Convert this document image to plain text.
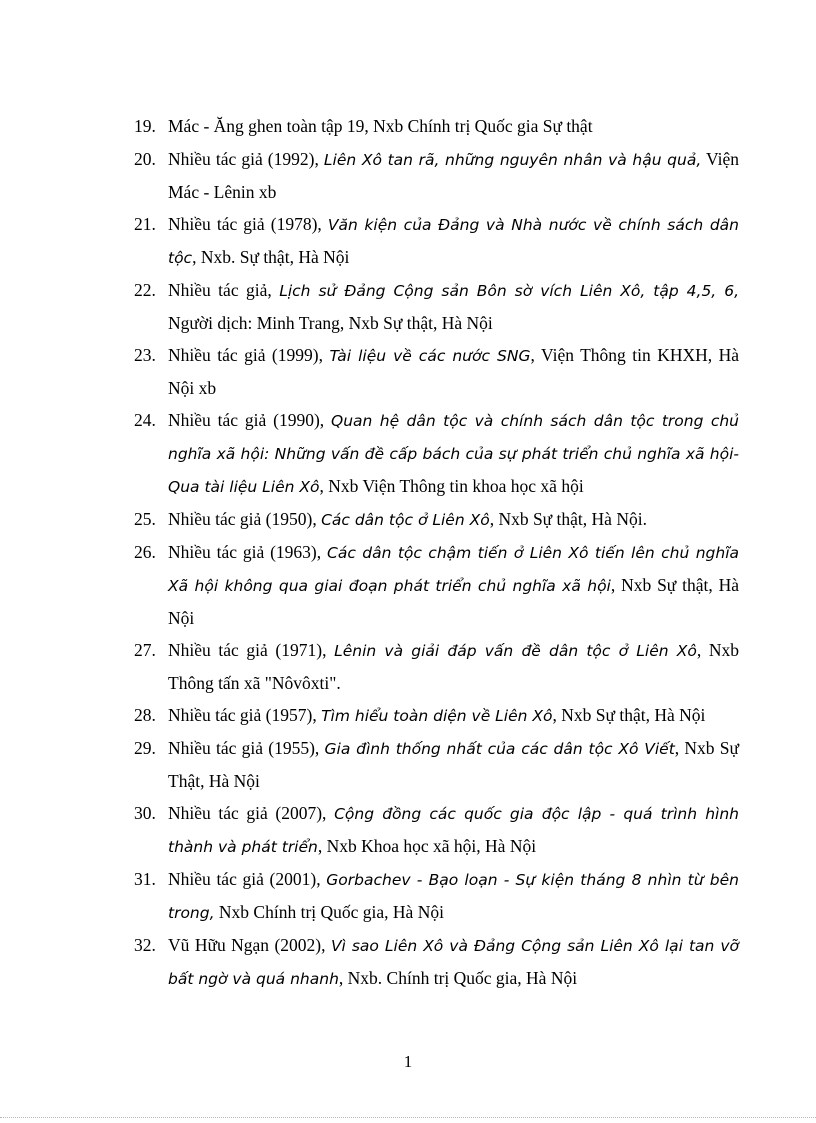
19. Mác - Ăng ghen toàn tập 19, Nxb Chính trị Quốc gia Sự thật
20. Nhiều tác giả (1992), Liên Xô tan rã, những nguyên nhân và hậu quả, Viện Mác - Lênin xb
21. Nhiều tác giả (1978), Văn kiện của Đảng và Nhà nước về chính sách dân tộc, Nxb. Sự thật, Hà Nội
22. Nhiều tác giả, Lịch sử Đảng Cộng sản Bôn sờ vích Liên Xô, tập 4,5, 6, Người dịch: Minh Trang, Nxb Sự thật, Hà Nội
23. Nhiều tác giả (1999), Tài liệu về các nước SNG, Viện Thông tin KHXH, Hà Nội xb
24. Nhiều tác giả (1990), Quan hệ dân tộc và chính sách dân tộc trong chủ nghĩa xã hội: Những vấn đề cấp bách của sự phát triển chủ nghĩa xã hội- Qua tài liệu Liên Xô, Nxb Viện Thông tin khoa học xã hội
25. Nhiều tác giả (1950), Các dân tộc ở Liên Xô, Nxb Sự thật, Hà Nội.
26. Nhiều tác giả (1963), Các dân tộc chậm tiến ở Liên Xô tiến lên chủ nghĩa Xã hội không qua giai đoạn phát triển chủ nghĩa xã hội, Nxb Sự thật, Hà Nội
27. Nhiều tác giả (1971), Lênin và giải đáp vấn đề dân tộc ở Liên Xô, Nxb Thông tấn xã "Nôvôxti".
28. Nhiều tác giả (1957), Tìm hiểu toàn diện về Liên Xô, Nxb Sự thật, Hà Nội
29. Nhiều tác giả (1955), Gia đình thống nhất của các dân tộc Xô Viết, Nxb Sự Thật, Hà Nội
30. Nhiều tác giả (2007), Cộng đồng các quốc gia độc lập - quá trình hình thành và phát triển, Nxb Khoa học xã hội, Hà Nội
31. Nhiều tác giả (2001), Gorbachev - Bạo loạn - Sự kiện tháng 8 nhìn từ bên trong, Nxb Chính trị Quốc gia, Hà Nội
32. Vũ Hữu Ngạn (2002), Vì sao Liên Xô và Đảng Cộng sản Liên Xô lại tan vỡ bất ngờ và quá nhanh, Nxb. Chính trị Quốc gia, Hà Nội
1
